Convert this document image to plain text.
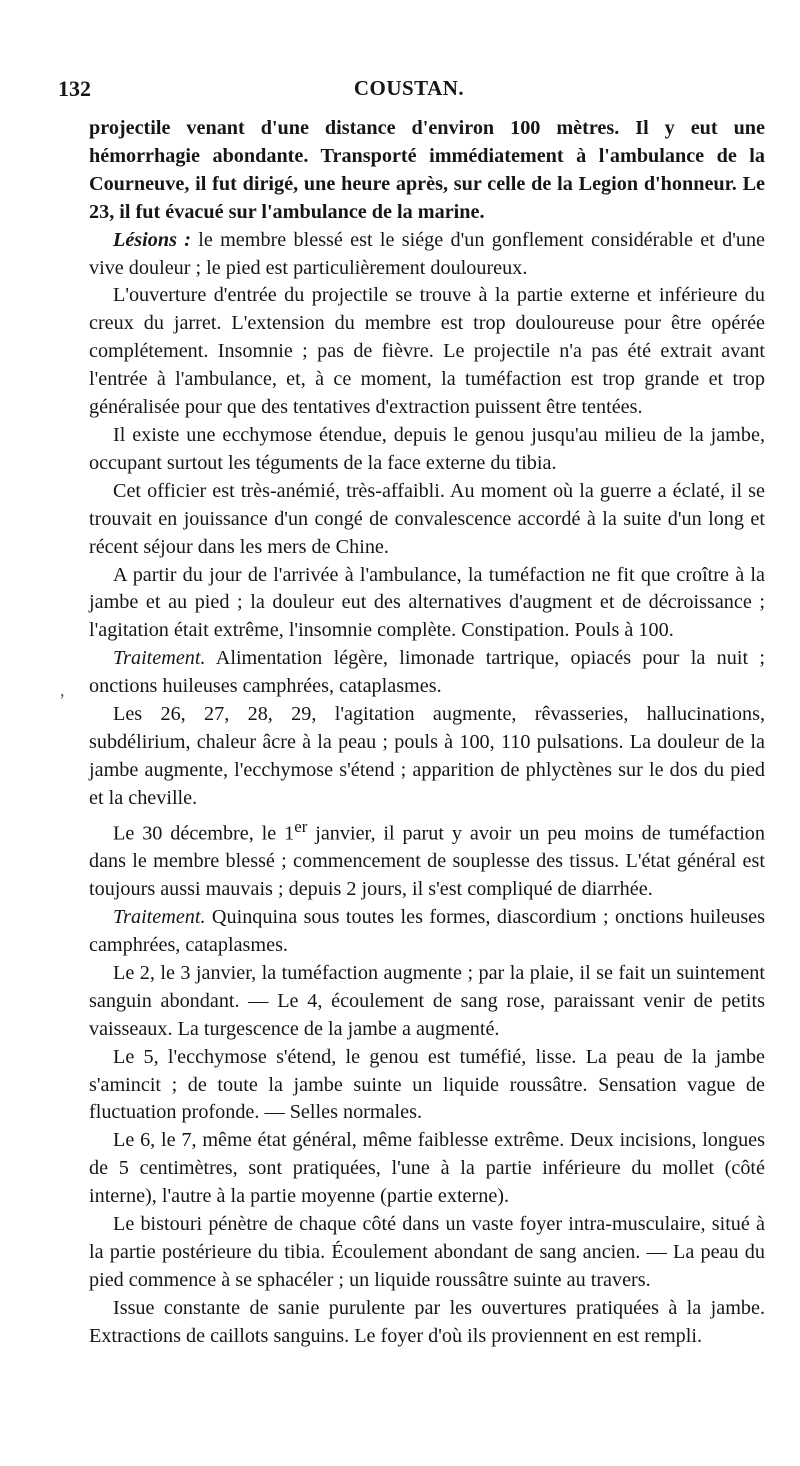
132	COUSTAN.
,

projectile venant d'une distance d'environ 100 mètres. Il y eut une hémorrhagie abondante. Transporté immédiatement à l'ambulance de la Courneuve, il fut dirigé, une heure après, sur celle de la Legion d'honneur. Le 23, il fut évacué sur l'ambulance de la marine.

Lésions : le membre blessé est le siége d'un gonflement considérable et d'une vive douleur ; le pied est particulièrement douloureux.

L'ouverture d'entrée du projectile se trouve à la partie externe et inférieure du creux du jarret. L'extension du membre est trop douloureuse pour être opérée complétement. Insomnie ; pas de fièvre. Le projectile n'a pas été extrait avant l'entrée à l'ambulance, et, à ce moment, la tuméfaction est trop grande et trop généralisée pour que des tentatives d'extraction puissent être tentées.

Il existe une ecchymose étendue, depuis le genou jusqu'au milieu de la jambe, occupant surtout les téguments de la face externe du tibia.

Cet officier est très-anémié, très-affaibli. Au moment où la guerre a éclaté, il se trouvait en jouissance d'un congé de convalescence accordé à la suite d'un long et récent séjour dans les mers de Chine.

A partir du jour de l'arrivée à l'ambulance, la tuméfaction ne fit que croître à la jambe et au pied ; la douleur eut des alternatives d'augment et de décroissance ; l'agitation était extrême, l'insomnie complète. Constipation. Pouls à 100.

Traitement. Alimentation légère, limonade tartrique, opiacés pour la nuit ; onctions huileuses camphrées, cataplasmes.

Les 26, 27, 28, 29, l'agitation augmente, rêvasseries, hallucinations, subdélirium, chaleur âcre à la peau ; pouls à 100, 110 pulsations. La douleur de la jambe augmente, l'ecchymose s'étend ; apparition de phlyctènes sur le dos du pied et la cheville.

Le 30 décembre, le 1er janvier, il parut y avoir un peu moins de tuméfaction dans le membre blessé ; commencement de souplesse des tissus. L'état général est toujours aussi mauvais ; depuis 2 jours, il s'est compliqué de diarrhée.

Traitement. Quinquina sous toutes les formes, diascordium ; onctions huileuses camphrées, cataplasmes.

Le 2, le 3 janvier, la tuméfaction augmente ; par la plaie, il se fait un suintement sanguin abondant. — Le 4, écoulement de sang rose, paraissant venir de petits vaisseaux. La turgescence de la jambe a augmenté.

Le 5, l'ecchymose s'étend, le genou est tuméfié, lisse. La peau de la jambe s'amincit ; de toute la jambe suinte un liquide roussâtre. Sensation vague de fluctuation profonde. — Selles normales.

Le 6, le 7, même état général, même faiblesse extrême. Deux incisions, longues de 5 centimètres, sont pratiquées, l'une à la partie inférieure du mollet (côté interne), l'autre à la partie moyenne (partie externe).

Le bistouri pénètre de chaque côté dans un vaste foyer intra-musculaire, situé à la partie postérieure du tibia. Écoulement abondant de sang ancien. — La peau du pied commence à se sphacéler ; un liquide roussâtre suinte au travers.

Issue constante de sanie purulente par les ouvertures pratiquées à la jambe. Extractions de caillots sanguins. Le foyer d'où ils proviennent en est rempli.
